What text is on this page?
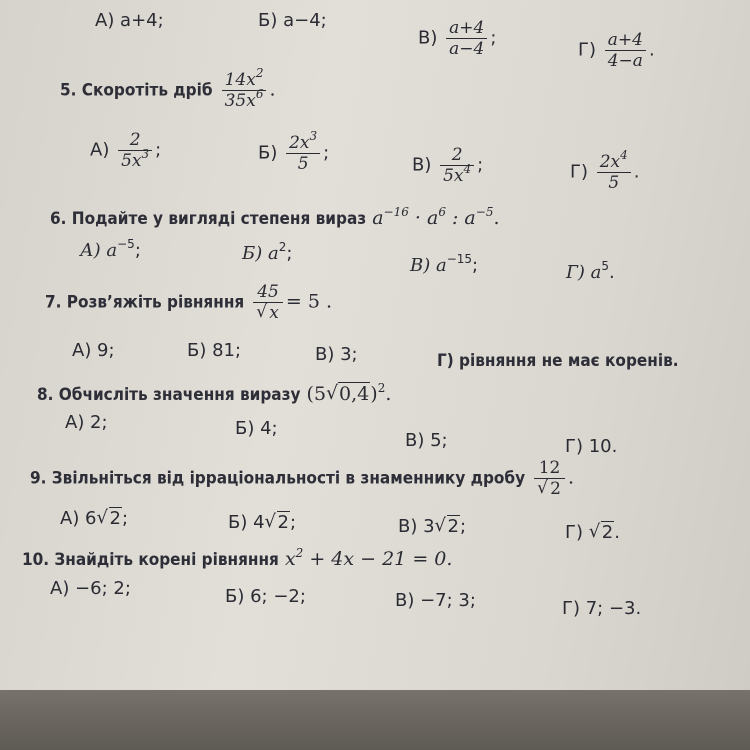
А) a+4;	Б) a−4;
$В) \frac{a+4}{a-4}$ ;
$Г) \frac{a+4}{4-a}$ .
5. Скоротіть дріб $\frac{14x^2}{35x^6}$ .
$А) \frac{2}{5x^3}$ ;	$Б) \frac{2x^3}{5}$ ;
$В) \frac{2}{5x^4}$ ;	$Г) \frac{2x^4}{5}$ .
6. Подайте у вигляді степеня вираз $a^{-16} \cdot a^6$ : $a^{-5}$.
А) $a^{-5}$;	Б) $a^2$;
В) $a^{-15}$;	Г) $a^5$.
7. Розв’яжіть рівняння 45
√ x = 5 .
А) 9;	Б) 81;	В) 3;	Г) рівняння не має коренів.
8. Обчисліть значення виразу (5 √ 0,4)$^2$.
А) 2;	Б) 4;
В) 5;	Г) 10.
9. Звільніться від ірраціональності в знаменнику дробу 12
√ 2 .
А) 6 √ 2;	Б) 4 √ 2;	В) 3 √ 2;	Г) √ 2.
10. Знайдіть корені рівняння $x^2 + 4x - 21 = 0$.
А) −6; 2;	Б) 6; −2;	В) −7; 3;	Г) 7; −3.
